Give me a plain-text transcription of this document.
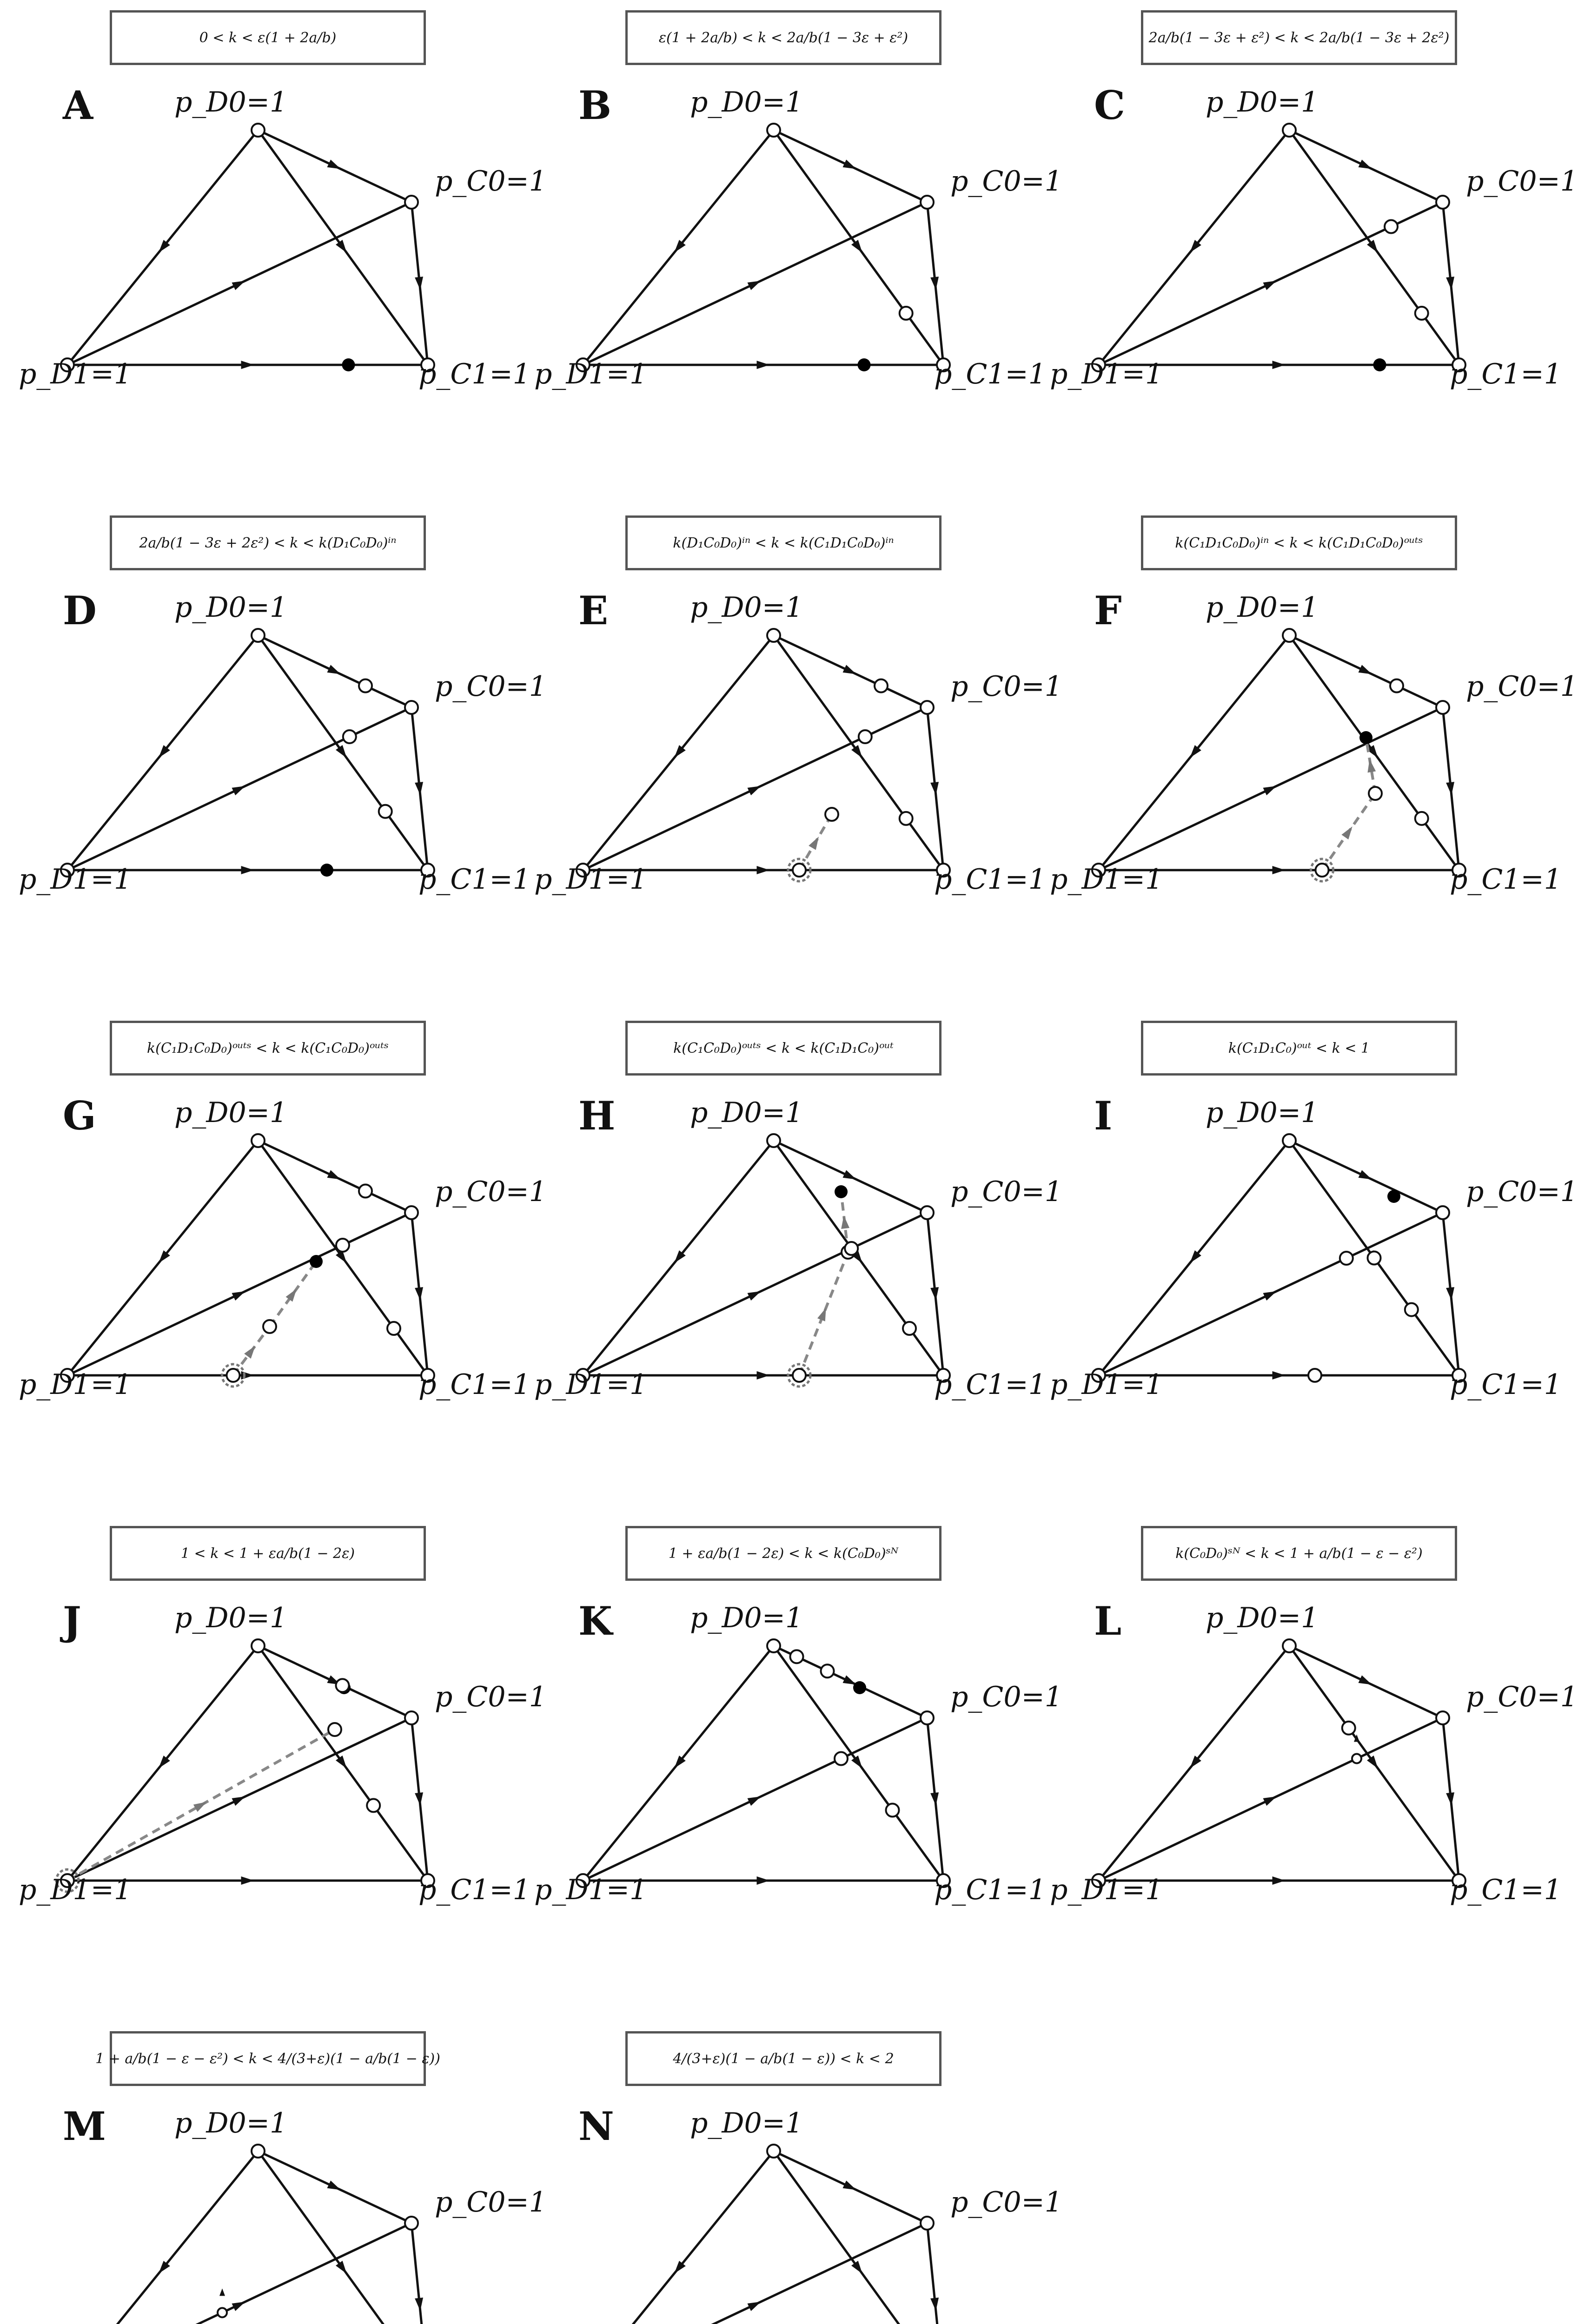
0 < k < ε(1 + 2a/b)
A	p_D0=1
p_C0=1
p_D1=1	p_C1=1
ε(1 + 2a/b) < k < 2a/b(1 − 3ε + ε²)
B	p_D0=1
p_C0=1
p_D1=1	p_C1=1
2a/b(1 − 3ε + ε²) < k < 2a/b(1 − 3ε + 2ε²)
C	p_D0=1
p_C0=1
p_D1=1	p_C1=1
2a/b(1 − 3ε + 2ε²) < k < k(D₁C₀D₀)ⁱⁿ
D	p_D0=1
p_C0=1
p_D1=1	p_C1=1
k(D₁C₀D₀)ⁱⁿ < k < k(C₁D₁C₀D₀)ⁱⁿ
E	p_D0=1
p_C0=1
p_D1=1	p_C1=1
k(C₁D₁C₀D₀)ⁱⁿ < k < k(C₁D₁C₀D₀)ᵒᵘᵗˢ
F	p_D0=1
p_C0=1
p_D1=1	p_C1=1
k(C₁D₁C₀D₀)ᵒᵘᵗˢ < k < k(C₁C₀D₀)ᵒᵘᵗˢ
G	p_D0=1
p_C0=1
p_D1=1	p_C1=1
k(C₁C₀D₀)ᵒᵘᵗˢ < k < k(C₁D₁C₀)ᵒᵘᵗ
H	p_D0=1
p_C0=1
p_D1=1	p_C1=1
k(C₁D₁C₀)ᵒᵘᵗ < k < 1
I	p_D0=1
p_C0=1
p_D1=1	p_C1=1
1 < k < 1 + εa/b(1 − 2ε)
J	p_D0=1
p_C0=1
p_D1=1	p_C1=1
1 + εa/b(1 − 2ε) < k < k(C₀D₀)ˢᴺ
K	p_D0=1
p_C0=1
p_D1=1	p_C1=1
k(C₀D₀)ˢᴺ < k < 1 + a/b(1 − ε − ε²)
L	p_D0=1
p_C0=1
p_D1=1	p_C1=1
1 + a/b(1 − ε − ε²) < k < 4/(3+ε)(1 − a/b(1 − ε))
M p_D0=1
p_C0=1
4/(3+ε)(1 − a/b(1 − ε)) < k < 2
N	p_D0=1
p_C0=1
